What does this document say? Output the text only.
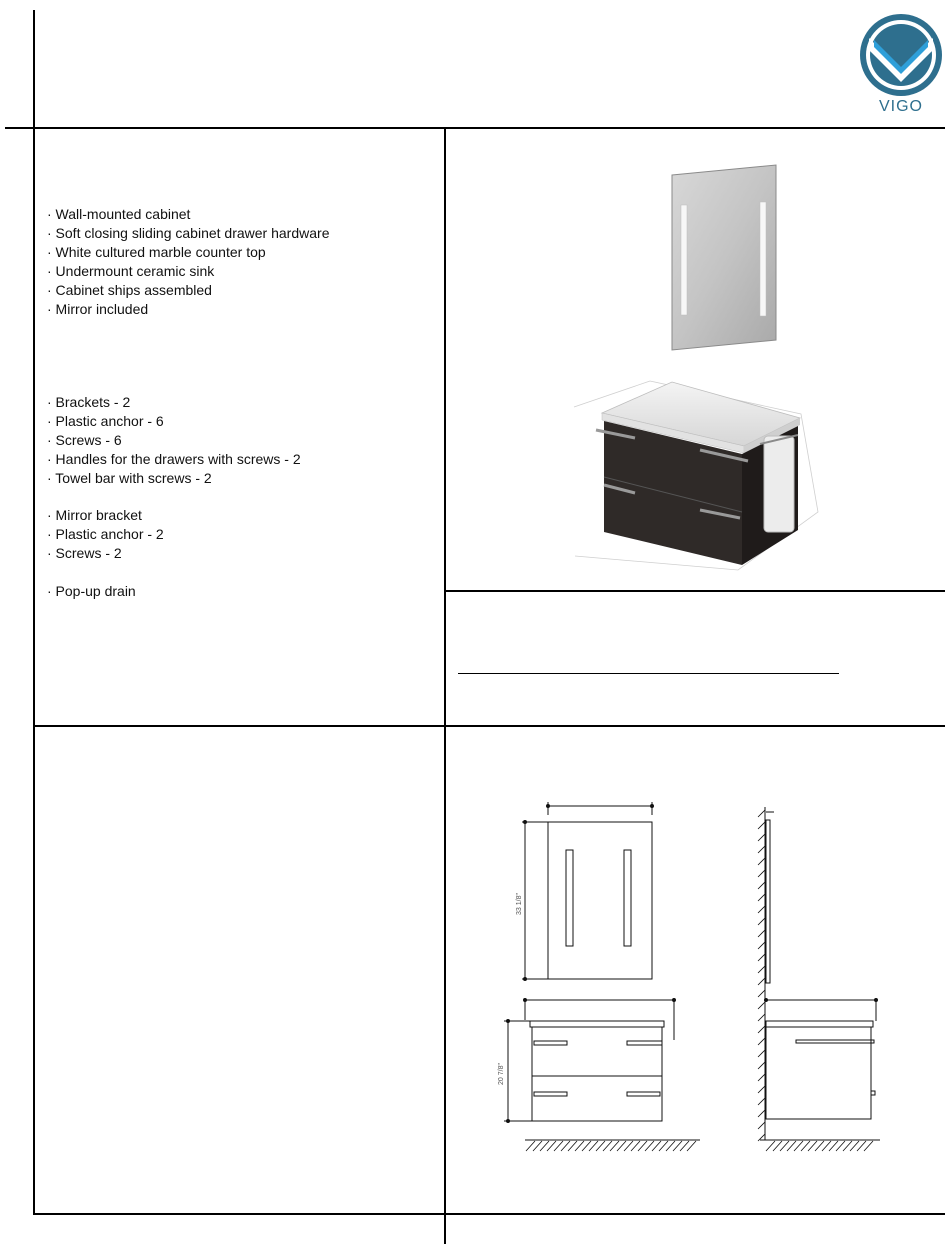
VIGO
· Wall-mounted cabinet
· Soft closing sliding cabinet drawer hardware
· White cultured marble counter top
· Undermount ceramic sink
· Cabinet ships assembled
· Mirror included
· Brackets - 2
· Plastic anchor - 6
· Screws - 6
· Handles for the drawers with screws - 2
· Towel bar with screws - 2
· Mirror bracket
· Plastic anchor - 2
· Screws - 2
· Pop-up drain
33 1/8"
20 7/8"
